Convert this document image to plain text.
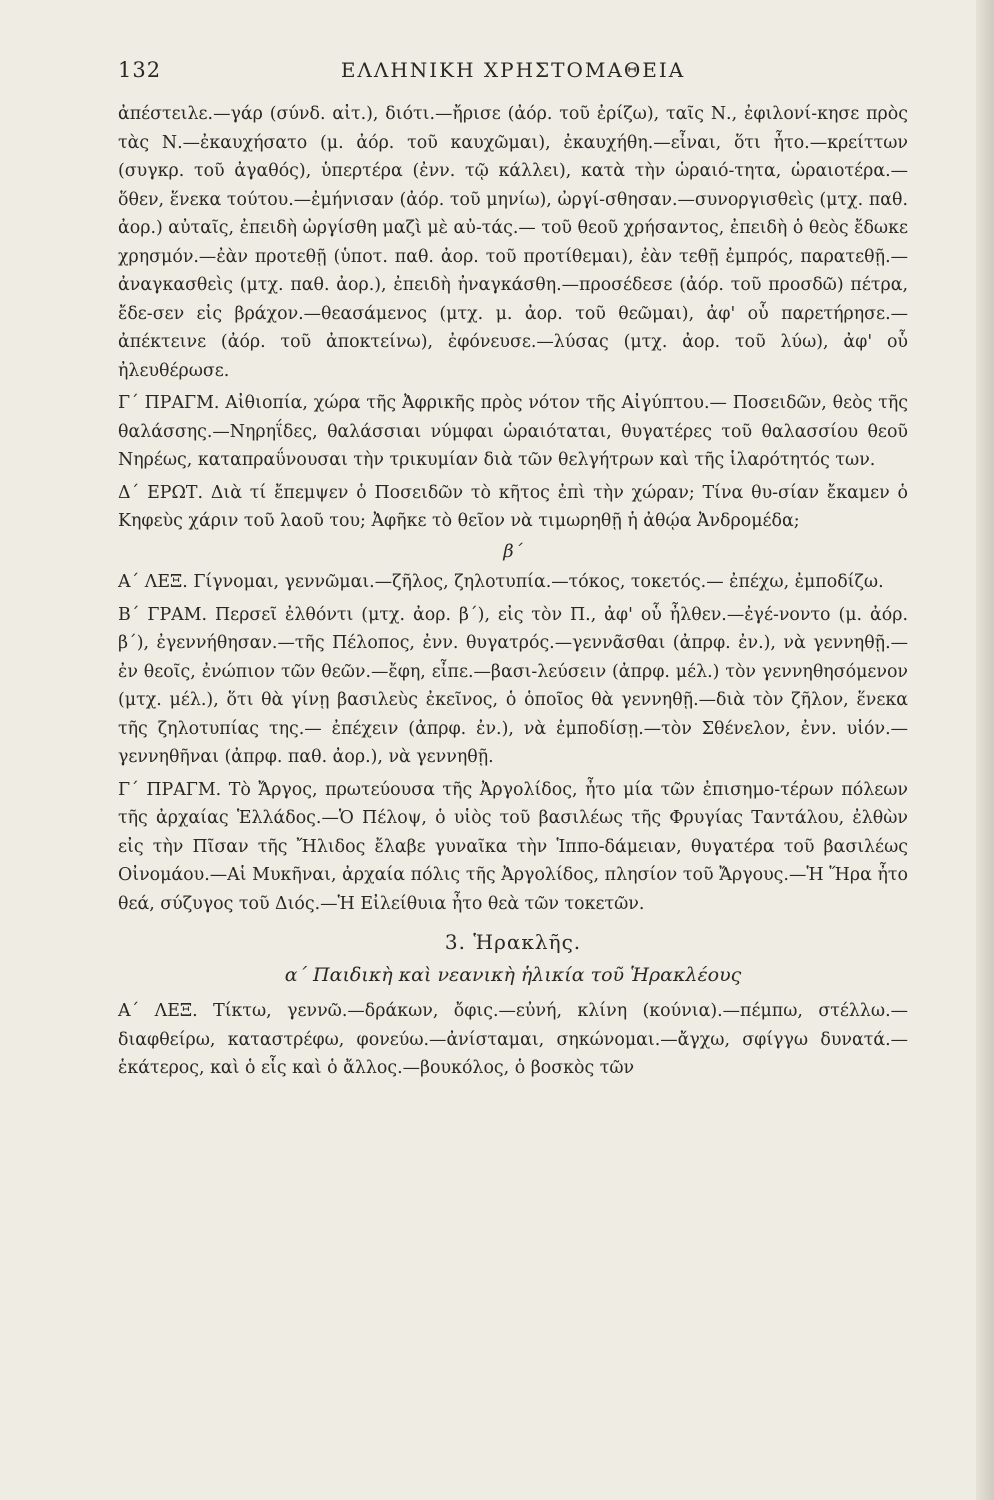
132	ΕΛΛΗΝΙΚΗ ΧΡΗΣΤΟΜΑΘΕΙΑ

ἀπέστειλε.—γάρ (σύνδ. αἰτ.), διότι.—ἤρισε (ἀόρ. τοῦ ἐρίζω), ταῖς Ν., ἐφιλονί-κησε πρὸς τὰς Ν.—ἐκαυχήσατο (μ. ἀόρ. τοῦ καυχῶμαι), ἐκαυχήθη.—εἶναι, ὅτι ἦτο.—κρείττων (συγκρ. τοῦ ἀγαθός), ὑπερτέρα (ἐνν. τῷ κάλλει), κατὰ τὴν ὡραιό-τητα, ὡραιοτέρα.—ὅθεν, ἕνεκα τούτου.—ἐμήνισαν (ἀόρ. τοῦ μηνίω), ὠργί-σθησαν.—συνοργισθεὶς (μτχ. παθ. ἀορ.) αὐταῖς, ἐπειδὴ ὠργίσθη μαζὶ μὲ αὐ-τάς.— τοῦ θεοῦ χρήσαντος, ἐπειδὴ ὁ θεὸς ἔδωκε χρησμόν.—ἐὰν προτεθῇ (ὑποτ. παθ. ἀορ. τοῦ προτίθεμαι), ἐὰν τεθῇ ἐμπρός, παρατεθῇ.— ἀναγκασθεὶς (μτχ. παθ. ἀορ.), ἐπειδὴ ἠναγκάσθη.—προσέδεσε (ἀόρ. τοῦ προσδῶ) πέτρα, ἔδε-σεν εἰς βράχον.—θεασάμενος (μτχ. μ. ἀορ. τοῦ θεῶμαι), ἀφ' οὗ παρετήρησε.— ἀπέκτεινε (ἀόρ. τοῦ ἀποκτείνω), ἐφόνευσε.—λύσας (μτχ. ἀορ. τοῦ λύω), ἀφ' οὗ ἠλευθέρωσε.

Γ΄ ΠΡΑΓΜ. Αἰθιοπία, χώρα τῆς Ἀφρικῆς πρὸς νότον τῆς Αἰγύπτου.— Ποσειδῶν, θεὸς τῆς θαλάσσης.—Νηρηΐδες, θαλάσσιαι νύμφαι ὡραιόταται, θυγατέρες τοῦ θαλασσίου θεοῦ Νηρέως, καταπραΰνουσαι τὴν τρικυμίαν διὰ τῶν θελγήτρων καὶ τῆς ἱλαρότητός των.

Δ΄ ΕΡΩΤ. Διὰ τί ἔπεμψεν ὁ Ποσειδῶν τὸ κῆτος ἐπὶ τὴν χώραν; Τίνα θυ-σίαν ἔκαμεν ὁ Κηφεὺς χάριν τοῦ λαοῦ του; Ἀφῆκε τὸ θεῖον νὰ τιμωρηθῇ ἡ ἀθῴα Ἀνδρομέδα;

β΄

Α΄ ΛΕΞ. Γίγνομαι, γεννῶμαι.—ζῆλος, ζηλοτυπία.—τόκος, τοκετός.— ἐπέχω, ἐμποδίζω.

Β΄ ΓΡΑΜ. Περσεῖ ἐλθόντι (μτχ. ἀορ. β΄), εἰς τὸν Π., ἀφ' οὗ ἦλθεν.—ἐγέ-νοντο (μ. ἀόρ. β΄), ἐγεννήθησαν.—τῆς Πέλοπος, ἐνν. θυγατρός.—γεννᾶσθαι (ἀπρφ. ἐν.), νὰ γεννηθῇ.—ἐν θεοῖς, ἐνώπιον τῶν θεῶν.—ἔφη, εἶπε.—βασι-λεύσειν (ἀπρφ. μέλ.) τὸν γεννηθησόμενον (μτχ. μέλ.), ὅτι θὰ γίνῃ βασιλεὺς ἐκεῖνος, ὁ ὁποῖος θὰ γεννηθῇ.—διὰ τὸν ζῆλον, ἕνεκα τῆς ζηλοτυπίας της.— ἐπέχειν (ἀπρφ. ἐν.), νὰ ἐμποδίσῃ.—τὸν Σθένελον, ἐνν. υἱόν.—γεννηθῆναι (ἀπρφ. παθ. ἀορ.), νὰ γεννηθῇ.

Γ΄ ΠΡΑΓΜ. Τὸ Ἄργος, πρωτεύουσα τῆς Ἀργολίδος, ἦτο μία τῶν ἐπισημο-τέρων πόλεων τῆς ἀρχαίας Ἑλλάδος.—Ὁ Πέλοψ, ὁ υἱὸς τοῦ βασιλέως τῆς Φρυγίας Ταντάλου, ἐλθὼν εἰς τὴν Πῖσαν τῆς Ἤλιδος ἔλαβε γυναῖκα τὴν Ἱππο-δάμειαν, θυγατέρα τοῦ βασιλέως Οἰνομάου.—Αἱ Μυκῆναι, ἀρχαία πόλις τῆς Ἀργολίδος, πλησίον τοῦ Ἄργους.—Ἡ Ἥρα ἦτο θεά, σύζυγος τοῦ Διός.—Ἡ Εἰλείθυια ἦτο θεὰ τῶν τοκετῶν.

3. Ἡρακλῆς.

α΄ Παιδικὴ καὶ νεανικὴ ἡλικία τοῦ Ἡρακλέους

Α΄ ΛΕΞ. Τίκτω, γεννῶ.—δράκων, ὄφις.—εὐνή, κλίνη (κούνια).—πέμπω, στέλλω.—διαφθείρω, καταστρέφω, φονεύω.—ἀνίσταμαι, σηκώνομαι.—ἄγχω, σφίγγω δυνατά.—ἑκάτερος, καὶ ὁ εἷς καὶ ὁ ἄλλος.—βουκόλος, ὁ βοσκὸς τῶν
